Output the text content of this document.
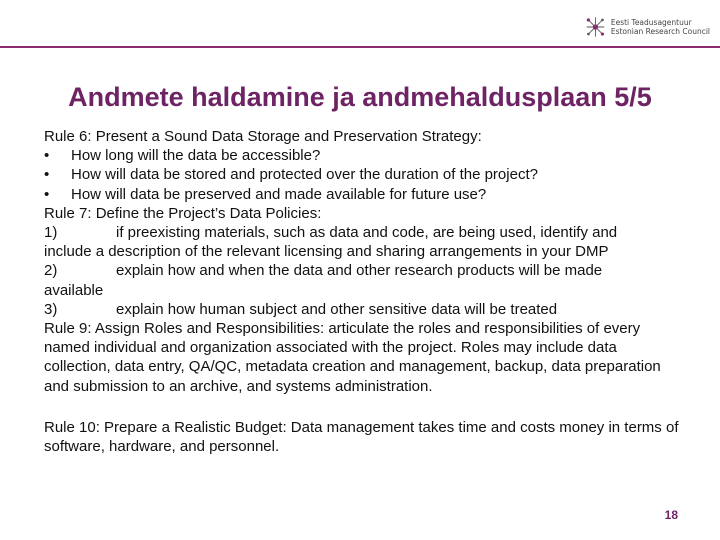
Eesti Teadusagentuur
Estonian Research Council
Andmete haldamine ja andmehaldusplaan 5/5

Rule 6: Present a Sound Data Storage and Preservation Strategy:

•	How long will the data be accessible?
•	How will data be stored and protected over the duration of the project?
•	How will data be preserved and made available for future use?

Rule 7: Define the Project’s Data Policies:

1)	if preexisting materials, such as data and code, are being used, identify and
include a description of the relevant licensing and sharing arrangements in your DMP

2)	explain how and when the data and other research products will be made
available

3)	explain how human subject and other sensitive data will be treated

Rule 9: Assign Roles and Responsibilities: articulate the roles and responsibilities of every named individual and organization associated with the project. Roles may include data collection, data entry, QA/QC, metadata creation and management, backup, data preparation and submission to an archive, and systems administration.

Rule 10: Prepare a Realistic Budget: Data management takes time and costs money in terms of software, hardware, and personnel.

18
